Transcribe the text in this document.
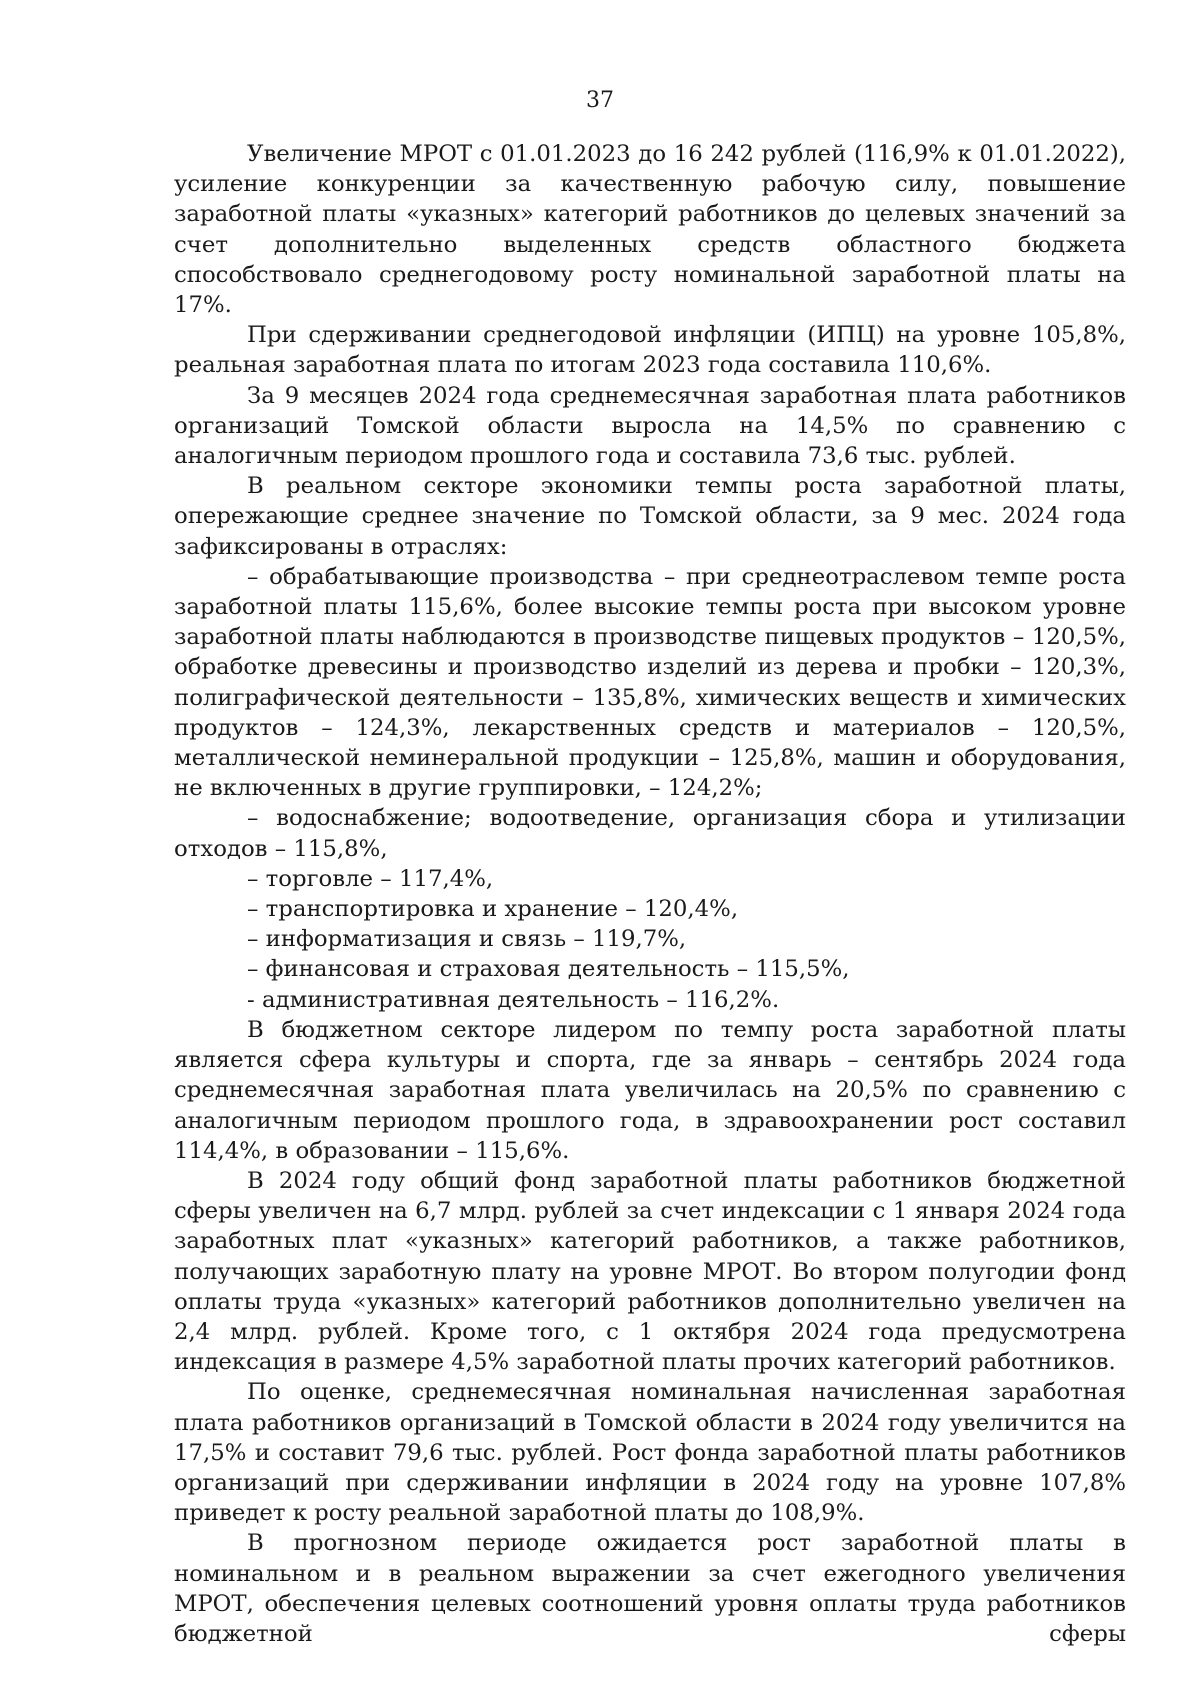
37

Увеличение МРОТ с 01.01.2023 до 16 242 рублей (116,9% к 01.01.2022), усиление конкуренции за качественную рабочую силу, повышение заработной платы «указных» категорий работников до целевых значений за счет дополнительно выделенных средств областного бюджета способствовало среднегодовому росту номинальной заработной платы на 17%.

При сдерживании среднегодовой инфляции (ИПЦ) на уровне 105,8%, реальная заработная плата по итогам 2023 года составила 110,6%.

За 9 месяцев 2024 года среднемесячная заработная плата работников организаций Томской области выросла на 14,5% по сравнению с аналогичным периодом прошлого года и составила 73,6 тыс. рублей.

В реальном секторе экономики темпы роста заработной платы, опережающие среднее значение по Томской области, за 9 мес. 2024 года зафиксированы в отраслях:

– обрабатывающие производства – при среднеотраслевом темпе роста заработной платы 115,6%, более высокие темпы роста при высоком уровне заработной платы наблюдаются в производстве пищевых продуктов – 120,5%, обработке древесины и производство изделий из дерева и пробки – 120,3%, полиграфической деятельности – 135,8%, химических веществ и химических продуктов – 124,3%, лекарственных средств и материалов – 120,5%, металлической неминеральной продукции – 125,8%, машин и оборудования, не включенных в другие группировки, – 124,2%;

– водоснабжение; водоотведение, организация сбора и утилизации отходов – 115,8%,

– торговле – 117,4%,

– транспортировка и хранение – 120,4%,

– информатизация и связь – 119,7%,

– финансовая и страховая деятельность – 115,5%,

- административная деятельность – 116,2%.

В бюджетном секторе лидером по темпу роста заработной платы является сфера культуры и спорта, где за январь – сентябрь 2024 года среднемесячная заработная плата увеличилась на 20,5% по сравнению с аналогичным периодом прошлого года, в здравоохранении рост составил 114,4%, в образовании – 115,6%.

В 2024 году общий фонд заработной платы работников бюджетной сферы увеличен на 6,7 млрд. рублей за счет индексации с 1 января 2024 года заработных плат «указных» категорий работников, а также работников, получающих заработную плату на уровне МРОТ. Во втором полугодии фонд оплаты труда «указных» категорий работников дополнительно увеличен на 2,4 млрд. рублей. Кроме того, с 1 октября 2024 года предусмотрена индексация в размере 4,5% заработной платы прочих категорий работников.

По оценке, среднемесячная номинальная начисленная заработная плата работников организаций в Томской области в 2024 году увеличится на 17,5% и составит 79,6 тыс. рублей. Рост фонда заработной платы работников организаций при сдерживании инфляции в 2024 году на уровне 107,8% приведет к росту реальной заработной платы до 108,9%.

В прогнозном периоде ожидается рост заработной платы в номинальном и в реальном выражении за счет ежегодного увеличения МРОТ, обеспечения целевых соотношений уровня оплаты труда работников бюджетной сферы
